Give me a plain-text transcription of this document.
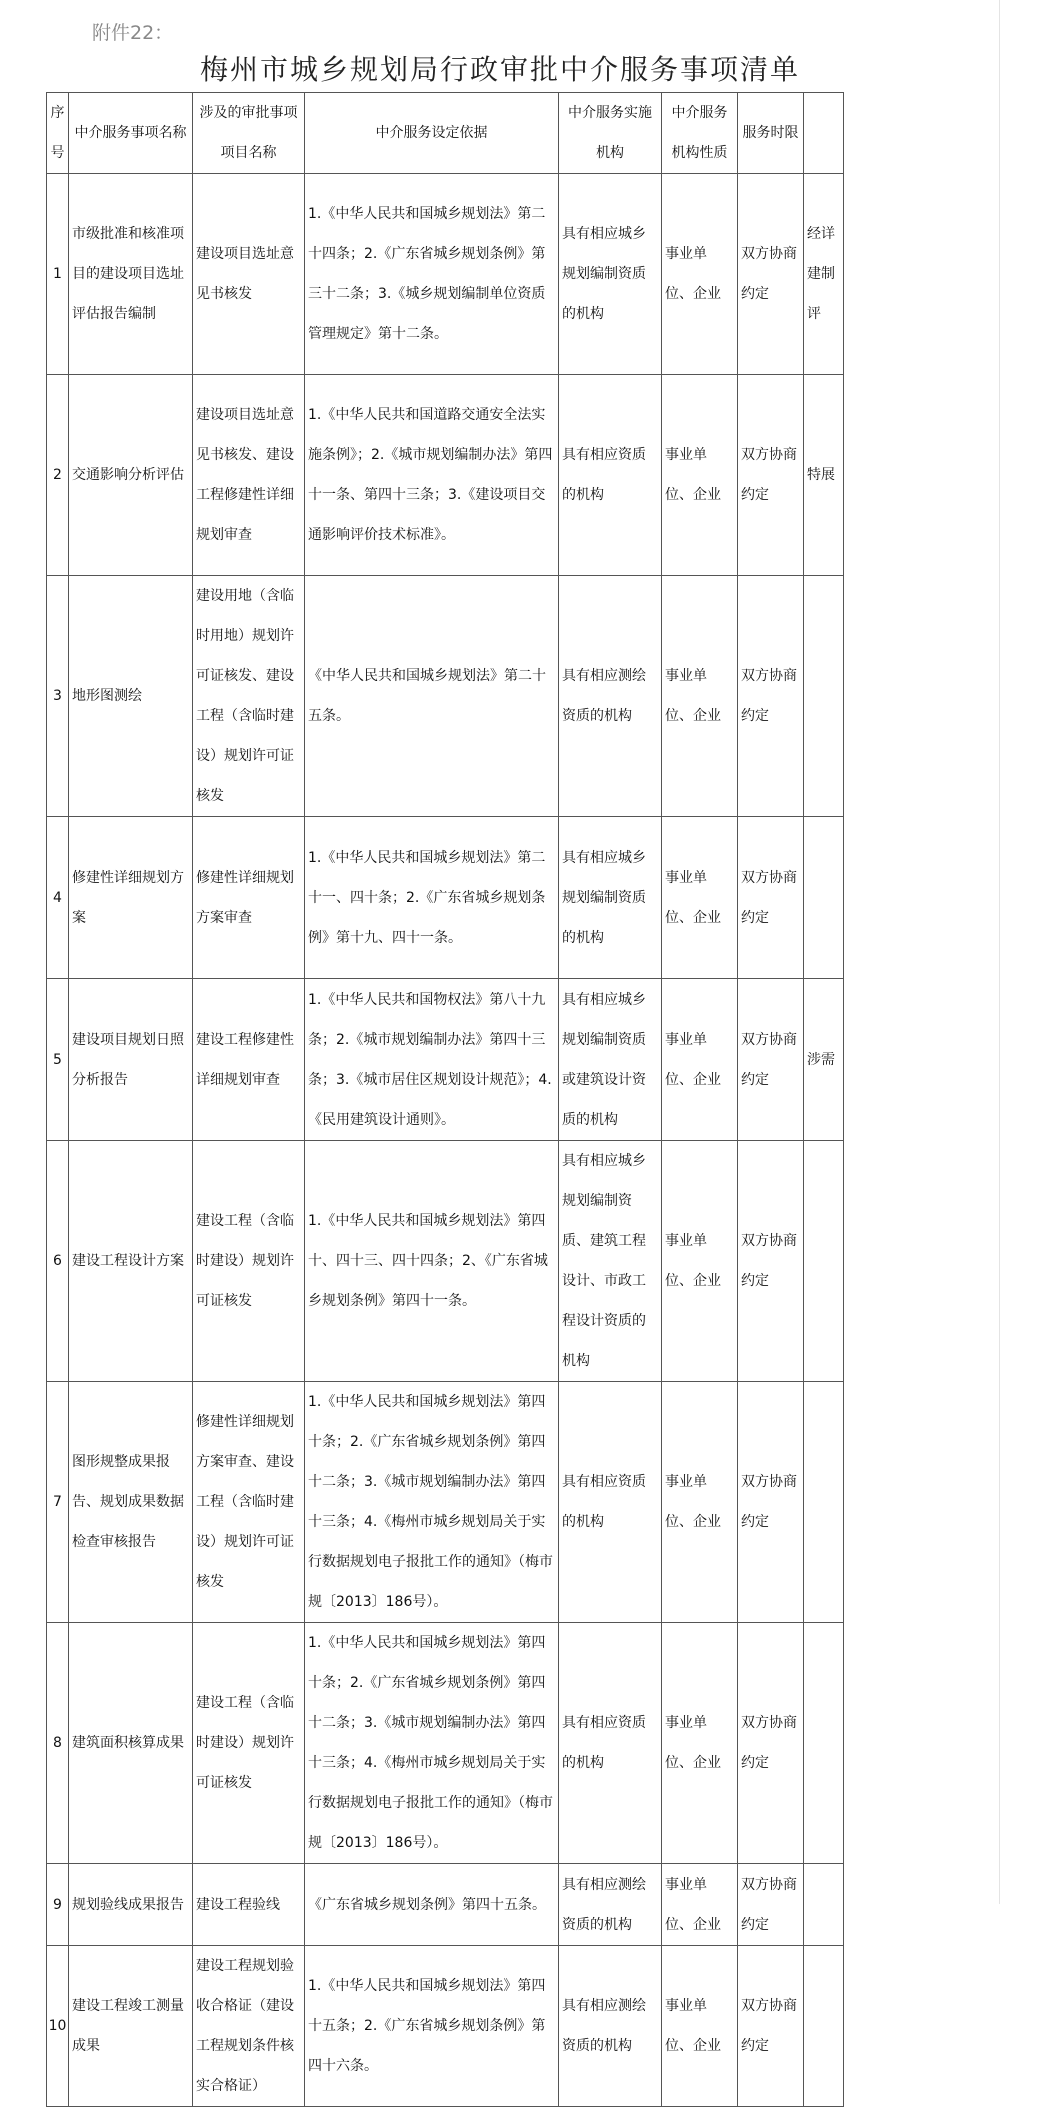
附件22：
梅州市城乡规划局行政审批中介服务事项清单
序号	中介服务事项名称	涉及的审批事项项目名称	中介服务设定依据	中介服务实施机构	中介服务机构性质	服务时限	
1	市级批准和核准项目的建设项目选址评估报告编制	建设项目选址意见书核发	1.《中华人民共和国城乡规划法》第二十四条；2.《广东省城乡规划条例》第三十二条；3.《城乡规划编制单位资质管理规定》第十二条。	具有相应城乡规划编制资质的机构	事业单位、企业	双方协商约定	经详建制评
2	交通影响分析评估	建设项目选址意见书核发、建设工程修建性详细规划审查	1.《中华人民共和国道路交通安全法实施条例》；2.《城市规划编制办法》第四十一条、第四十三条；3.《建设项目交通影响评价技术标准》。	具有相应资质的机构	事业单位、企业	双方协商约定	特展
3	地形图测绘	建设用地（含临时用地）规划许可证核发、建设工程（含临时建设）规划许可证核发	《中华人民共和国城乡规划法》第二十五条。	具有相应测绘资质的机构	事业单位、企业	双方协商约定	
4	修建性详细规划方案	修建性详细规划方案审查	1.《中华人民共和国城乡规划法》第二十一、四十条；2.《广东省城乡规划条例》第十九、四十一条。	具有相应城乡规划编制资质的机构	事业单位、企业	双方协商约定	
5	建设项目规划日照分析报告	建设工程修建性详细规划审查	1.《中华人民共和国物权法》第八十九条；2.《城市规划编制办法》第四十三条；3.《城市居住区规划设计规范》；4.《民用建筑设计通则》。	具有相应城乡规划编制资质或建筑设计资质的机构	事业单位、企业	双方协商约定	涉需
6	建设工程设计方案	建设工程（含临时建设）规划许可证核发	1.《中华人民共和国城乡规划法》第四十、四十三、四十四条；2、《广东省城乡规划条例》第四十一条。	具有相应城乡规划编制资质、建筑工程设计、市政工程设计资质的机构	事业单位、企业	双方协商约定	
7	图形规整成果报告、规划成果数据检查审核报告	修建性详细规划方案审查、建设工程（含临时建设）规划许可证核发	1.《中华人民共和国城乡规划法》第四十条；2.《广东省城乡规划条例》第四十二条；3.《城市规划编制办法》第四十三条；4.《梅州市城乡规划局关于实行数据规划电子报批工作的通知》（梅市规〔2013〕186号）。	具有相应资质的机构	事业单位、企业	双方协商约定	
8	建筑面积核算成果	建设工程（含临时建设）规划许可证核发	1.《中华人民共和国城乡规划法》第四十条；2.《广东省城乡规划条例》第四十二条；3.《城市规划编制办法》第四十三条；4.《梅州市城乡规划局关于实行数据规划电子报批工作的通知》（梅市规〔2013〕186号）。	具有相应资质的机构	事业单位、企业	双方协商约定	
9	规划验线成果报告	建设工程验线	《广东省城乡规划条例》第四十五条。	具有相应测绘资质的机构	事业单位、企业	双方协商约定	
10	建设工程竣工测量成果	建设工程规划验收合格证（建设工程规划条件核实合格证）	1.《中华人民共和国城乡规划法》第四十五条；2.《广东省城乡规划条例》第四十六条。	具有相应测绘资质的机构	事业单位、企业	双方协商约定	
